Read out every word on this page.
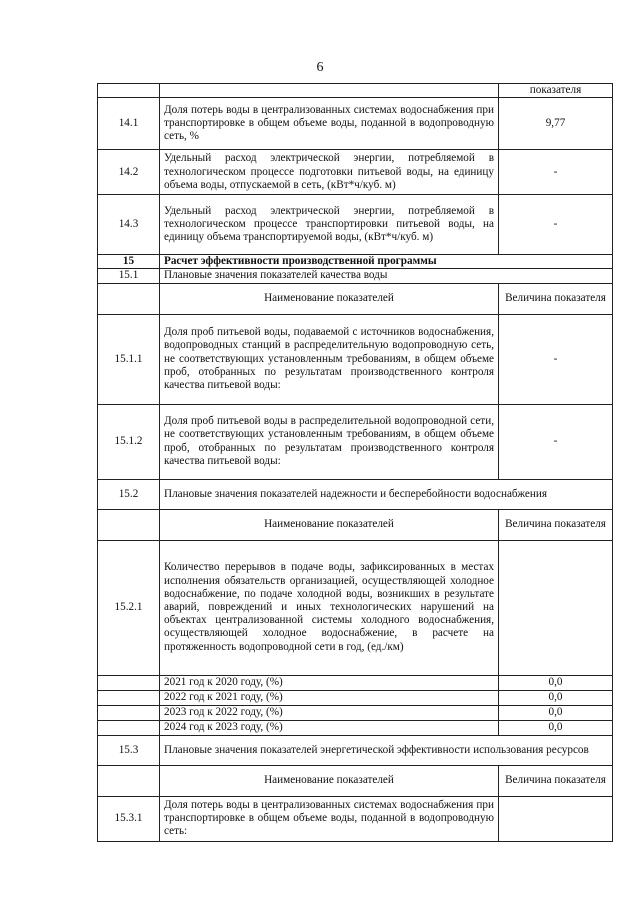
6
		показателя
14.1	Доля потерь воды в централизованных системах водоснабжения при транспортировке в общем объеме воды, поданной в водопроводную сеть, %	9,77
14.2	Удельный расход электрической энергии, потребляемой в технологическом процессе подготовки питьевой воды, на единицу объема воды, отпускаемой в сеть, (кВт*ч/куб. м)	-
14.3	Удельный расход электрической энергии, потребляемой в технологическом процессе транспортировки питьевой воды, на единицу объема транспортируемой воды, (кВт*ч/куб. м)	-
15	Расчет эффективности производственной программы	
15.1	Плановые значения показателей качества воды	
	Наименование показателей	Величина показателя
15.1.1	Доля проб питьевой воды, подаваемой с источников водоснабжения, водопроводных станций в распределительную водопроводную сеть, не соответствующих установленным требованиям, в общем объеме проб, отобранных по результатам производственного контроля качества питьевой воды:	-
15.1.2	Доля проб питьевой воды в распределительной водопроводной сети, не соответствующих установленным требованиям, в общем объеме проб, отобранных по результатам производственного контроля качества питьевой воды:	-
15.2	Плановые значения показателей надежности и бесперебойности водоснабжения	
	Наименование показателей	Величина показателя
15.2.1	Количество перерывов в подаче воды, зафиксированных в местах исполнения обязательств организацией, осуществляющей холодное водоснабжение, по подаче холодной воды, возникших в результате аварий, повреждений и иных технологических нарушений на объектах централизованной системы холодного водоснабжения, осуществляющей холодное водоснабжение, в расчете на протяженность водопроводной сети в год, (ед./км)	
	2021 год к 2020 году, (%)	0,0
	2022 год к 2021 году, (%)	0,0
	2023 год к 2022 году, (%)	0,0
	2024 год к 2023 году, (%)	0,0
15.3	Плановые значения показателей энергетической эффективности использования ресурсов	
	Наименование показателей	Величина показателя
15.3.1	Доля потерь воды в централизованных системах водоснабжения при транспортировке в общем объеме воды, поданной в водопроводную сеть:	
